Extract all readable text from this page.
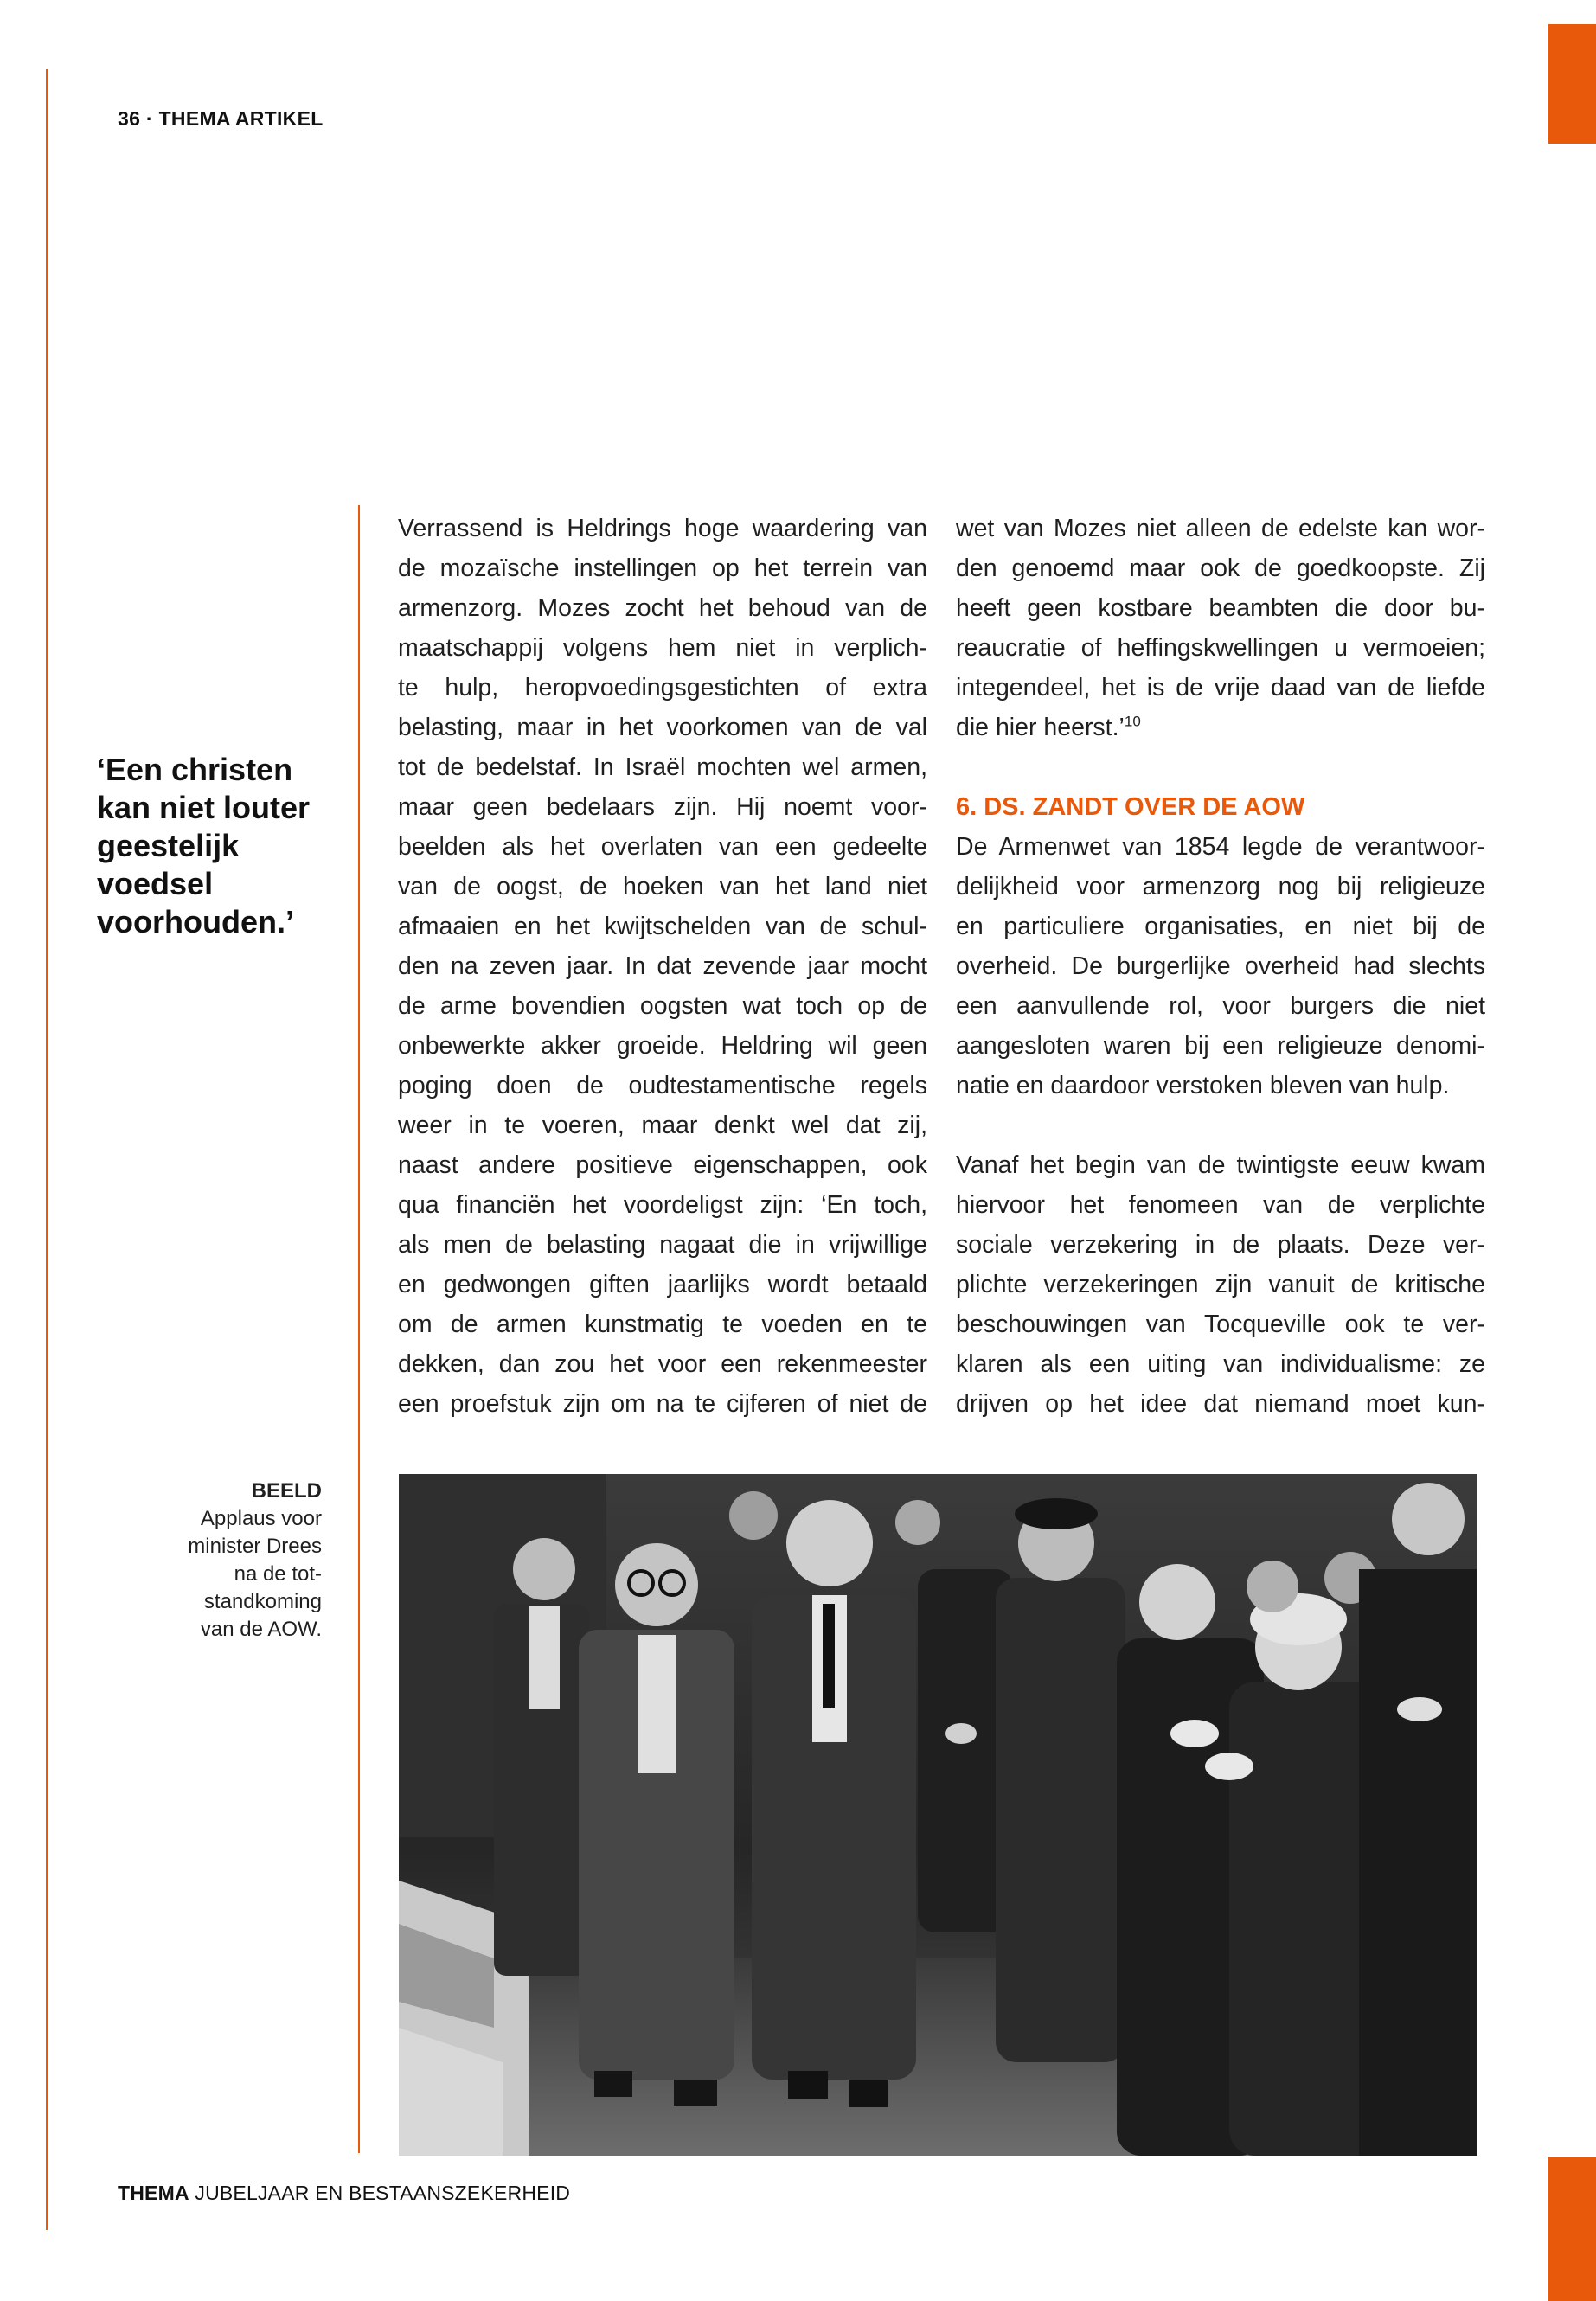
36 · THEMA ARTIKEL
‘Een christen
kan niet louter
geestelijk
voedsel
voorhouden.’
Verrassend is Heldrings hoge waardering van
de mozaïsche instellingen op het terrein van
armenzorg. Mozes zocht het behoud van de
maatschappij volgens hem niet in verplich-
te hulp, heropvoedingsgestichten of extra
belasting, maar in het voorkomen van de val
tot de bedelstaf. In Israël mochten wel armen,
maar geen bedelaars zijn. Hij noemt voor-
beelden als het overlaten van een gedeelte
van de oogst, de hoeken van het land niet
afmaaien en het kwijtschelden van de schul-
den na zeven jaar. In dat zevende jaar mocht
de arme bovendien oogsten wat toch op de
onbewerkte akker groeide. Heldring wil geen
poging doen de oudtestamentische regels
weer in te voeren, maar denkt wel dat zij,
naast andere positieve eigenschappen, ook
qua financiën het voordeligst zijn: ‘En toch,
als men de belasting nagaat die in vrijwillige
en gedwongen giften jaarlijks wordt betaald
om de armen kunstmatig te voeden en te
dekken, dan zou het voor een rekenmeester
een proefstuk zijn om na te cijferen of niet de
wet van Mozes niet alleen de edelste kan wor-
den genoemd maar ook de goedkoopste. Zij
heeft geen kostbare beambten die door bu-
reaucratie of heffingskwellingen u vermoeien;
integendeel, het is de vrije daad van de liefde
die hier heerst.’$^{10}$
6. DS. ZANDT OVER DE AOW
De Armenwet van 1854 legde de verantwoor-
delijkheid voor armenzorg nog bij religieuze
en particuliere organisaties, en niet bij de
overheid. De burgerlijke overheid had slechts
een aanvullende rol, voor burgers die niet
aangesloten waren bij een religieuze denomi-
natie en daardoor verstoken bleven van hulp.
Vanaf het begin van de twintigste eeuw kwam
hiervoor het fenomeen van de verplichte
sociale verzekering in de plaats. Deze ver-
plichte verzekeringen zijn vanuit de kritische
beschouwingen van Tocqueville ook te ver-
klaren als een uiting van individualisme: ze
drijven op het idee dat niemand moet kun-
BEELD
Applaus voor
minister Drees
na de tot-
standkoming
van de AOW.
THEMA JUBELJAAR EN BESTAANSZEKERHEID
